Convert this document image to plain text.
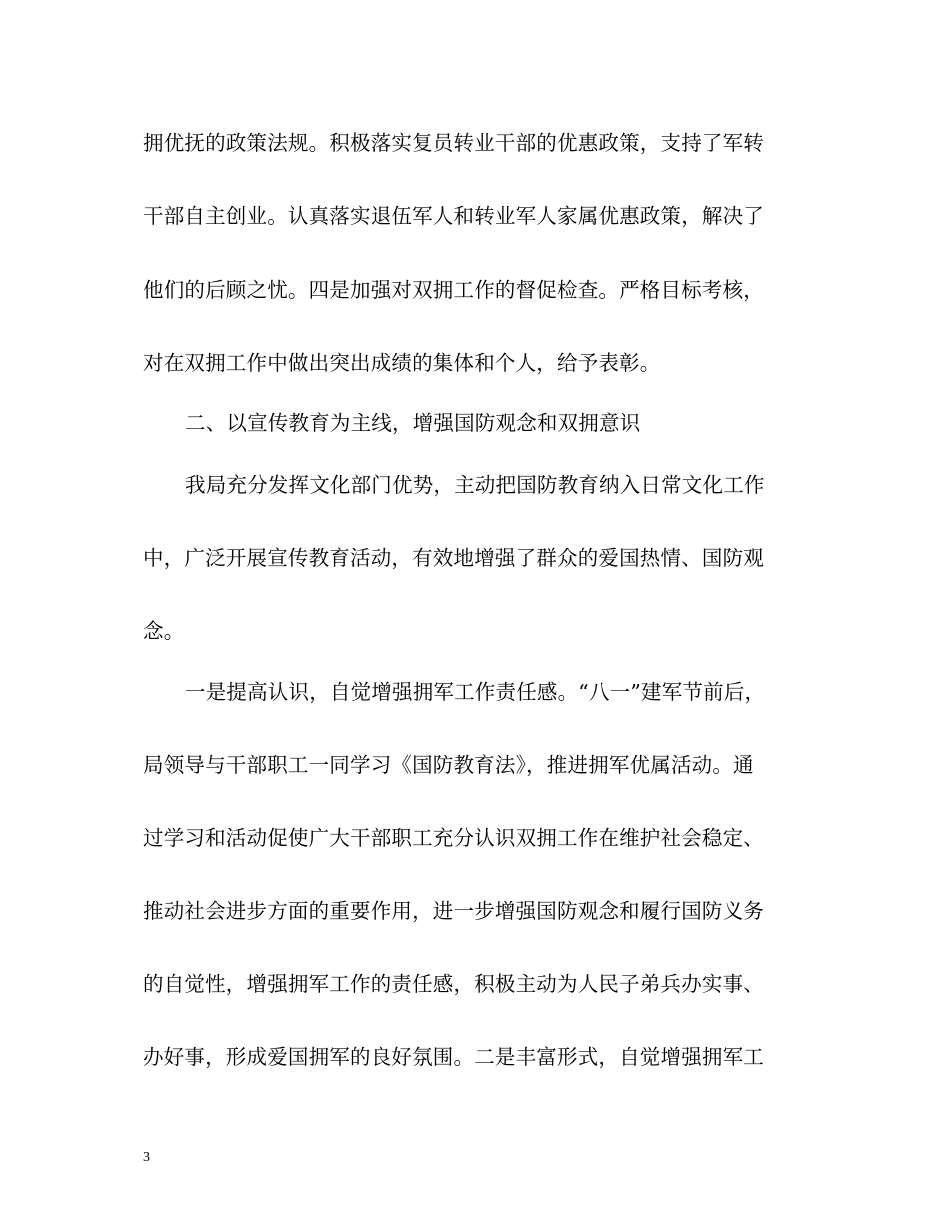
拥优抚的政策法规。积极落实复员转业干部的优惠政策，支持了军转
干部自主创业。认真落实退伍军人和转业军人家属优惠政策，解决了
他们的后顾之忧。四是加强对双拥工作的督促检查。严格目标考核，
对在双拥工作中做出突出成绩的集体和个人，给予表彰。
二、以宣传教育为主线，增强国防观念和双拥意识
我局充分发挥文化部门优势，主动把国防教育纳入日常文化工作
中，广泛开展宣传教育活动，有效地增强了群众的爱国热情、国防观
念。
一是提高认识，自觉增强拥军工作责任感。“八一”建军节前后，
局领导与干部职工一同学习《国防教育法》，推进拥军优属活动。通
过学习和活动促使广大干部职工充分认识双拥工作在维护社会稳定、
推动社会进步方面的重要作用，进一步增强国防观念和履行国防义务
的自觉性，增强拥军工作的责任感，积极主动为人民子弟兵办实事、
办好事，形成爱国拥军的良好氛围。二是丰富形式，自觉增强拥军工
3
